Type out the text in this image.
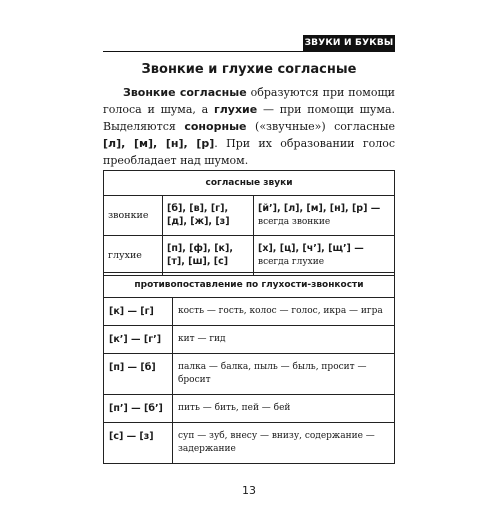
ЗВУКИ И БУКВЫ
Звонкие и глухие согласные

Звонкие согласные образуются при помощи голоса и шума, а глухие — при помощи шума. Выделяются сонорные («звучные») согласные [л], [м], [н], [р]. При их образовании голос преобладает над шумом.

согласные звуки		
звонкие	[б], [в], [г], [д], [ж], [з]	[й’], [л], [м], [н], [р] —
всегда звонкие
глухие	[п], [ф], [к], [т], [ш], [с]	[х], [ц], [ч’], [щ’] —
всегда глухие
противопоставление по глухости-звонкости	
[к] — [г]	кость — гость, колос — голос, икра — игра
[к’] — [г’]	кит — гид
[п] — [б]	палка — балка, пыль — быль, просит — бросит
[п’] — [б’]	пить — бить, пей — бей
[с] — [з]	суп — зуб, внесу — внизу, содержание — задержание
13
